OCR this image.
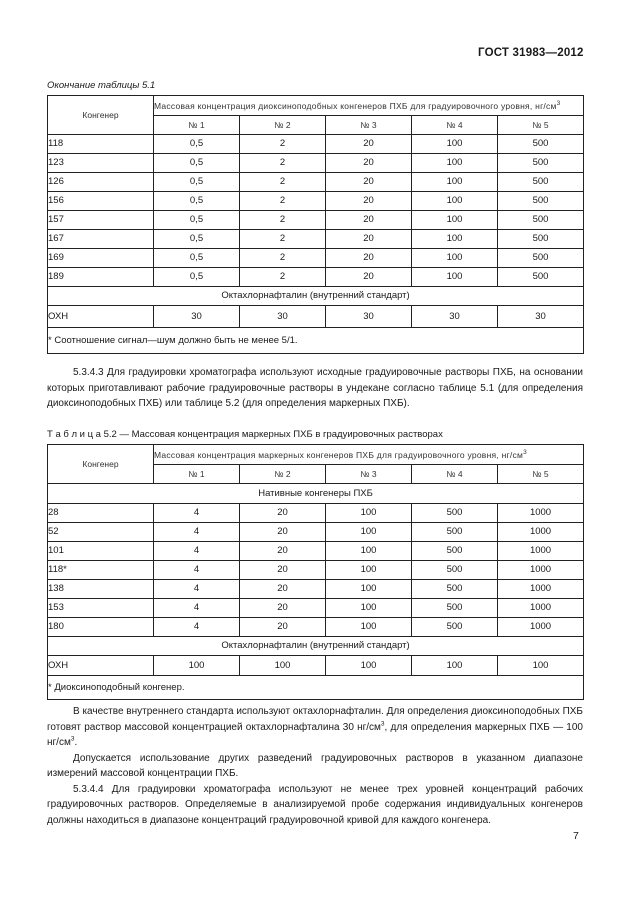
ГОСТ 31983—2012
Окончание таблицы 5.1
Конгенер	Массовая концентрация диоксиноподобных конгенеров ПХБ для градуировочного уровня, $нг/см^3$
	№ 1	№ 2	№ 3	№ 4	№ 5
118	0,5	2	20	100	500
123	0,5	2	20	100	500
126	0,5	2	20	100	500
156	0,5	2	20	100	500
157	0,5	2	20	100	500
167	0,5	2	20	100	500
169	0,5	2	20	100	500
189	0,5	2	20	100	500
Октахлорнафталин (внутренний стандарт)					
ОХН	30	30	30	30	30
* Соотношение сигнал—шум должно быть не менее 5/1.					

5.3.4.3 Для градуировки хроматографа используют исходные градуировочные растворы ПХБ, на основании которых приготавливают рабочие градуировочные растворы в ундекане согласно таблице 5.1 (для определения диоксиноподобных ПХБ) или таблице 5.2 (для определения маркерных ПХБ).

Т а б л и ц а 5.2 — Массовая концентрация маркерных ПХБ в градуировочных растворах
Конгенер	Массовая концентрация маркерных конгенеров ПХБ для градуировочного уровня, $нг/см^3$
	№ 1	№ 2	№ 3	№ 4	№ 5
Нативные конгенеры ПХБ					
28	4	20	100	500	1000
52	4	20	100	500	1000
101	4	20	100	500	1000
118*	4	20	100	500	1000
138	4	20	100	500	1000
153	4	20	100	500	1000
180	4	20	100	500	1000
Октахлорнафталин (внутренний стандарт)					
ОХН	100	100	100	100	100
* Диоксиноподобный конгенер.					

В качестве внутреннего стандарта используют октахлорнафталин. Для определения диоксиноподобных ПХБ готовят раствор массовой концентрацией октахлорнафталина 30 $нг/см^3$, для определения маркерных ПХБ — 100 $нг/см^3$.

Допускается использование других разведений градуировочных растворов в указанном диапазоне измерений массовой концентрации ПХБ.

5.3.4.4 Для градуировки хроматографа используют не менее трех уровней концентраций рабочих градуировочных растворов. Определяемые в анализируемой пробе содержания индивидуальных конгенеров должны находиться в диапазоне концентраций градуировочной кривой для каждого конгенера.

7
